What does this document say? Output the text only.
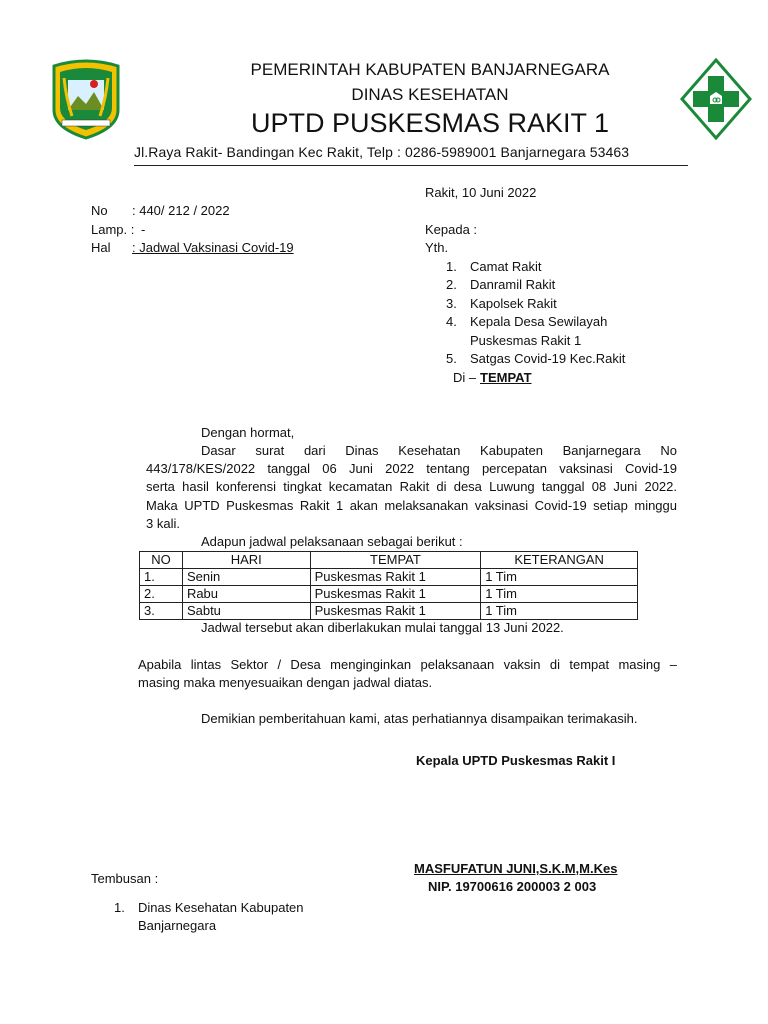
PEMERINTAH KABUPATEN BANJARNEGARA
DINAS KESEHATAN
UPTD PUSKESMAS RAKIT 1
Jl.Raya Rakit- Bandingan Kec Rakit, Telp : 0286-5989001 Banjarnegara 53463
Rakit, 10 Juni 2022
No : 440/ 212 / 2022
Lamp. : -
Hal : Jadwal Vaksinasi Covid-19
Kepada :
Yth.
1. Camat Rakit
2. Danramil Rakit
3. Kapolsek Rakit
4. Kepala Desa Sewilayah
Puskesmas Rakit 1
5. Satgas Covid-19 Kec.Rakit
Di – TEMPAT
Dengan hormat,
Dasar surat dari Dinas Kesehatan Kabupaten Banjarnegara No
443/178/KES/2022 tanggal 06 Juni 2022 tentang percepatan vaksinasi Covid-19
serta hasil konferensi tingkat kecamatan Rakit di desa Luwung tanggal 08 Juni 2022.
Maka UPTD Puskesmas Rakit 1 akan melaksanakan vaksinasi Covid-19 setiap minggu
3 kali.
Adapun jadwal pelaksanaan sebagai berikut :
NO	HARI	TEMPAT	KETERANGAN
1.	Senin	Puskesmas Rakit 1	1 Tim
2.	Rabu	Puskesmas Rakit 1	1 Tim
3.	Sabtu	Puskesmas Rakit 1	1 Tim
Jadwal tersebut akan diberlakukan mulai tanggal 13 Juni 2022.
Apabila lintas Sektor / Desa menginginkan pelaksanaan vaksin di tempat masing –
masing maka menyesuaikan dengan jadwal diatas.
Demikian pemberitahuan kami, atas perhatiannya disampaikan terimakasih.
Kepala UPTD Puskesmas Rakit I
MASFUFATUN JUNI,S.K.M,M.Kes
NIP. 19700616 200003 2 003
Tembusan :
1. Dinas Kesehatan Kabupaten
Banjarnegara
